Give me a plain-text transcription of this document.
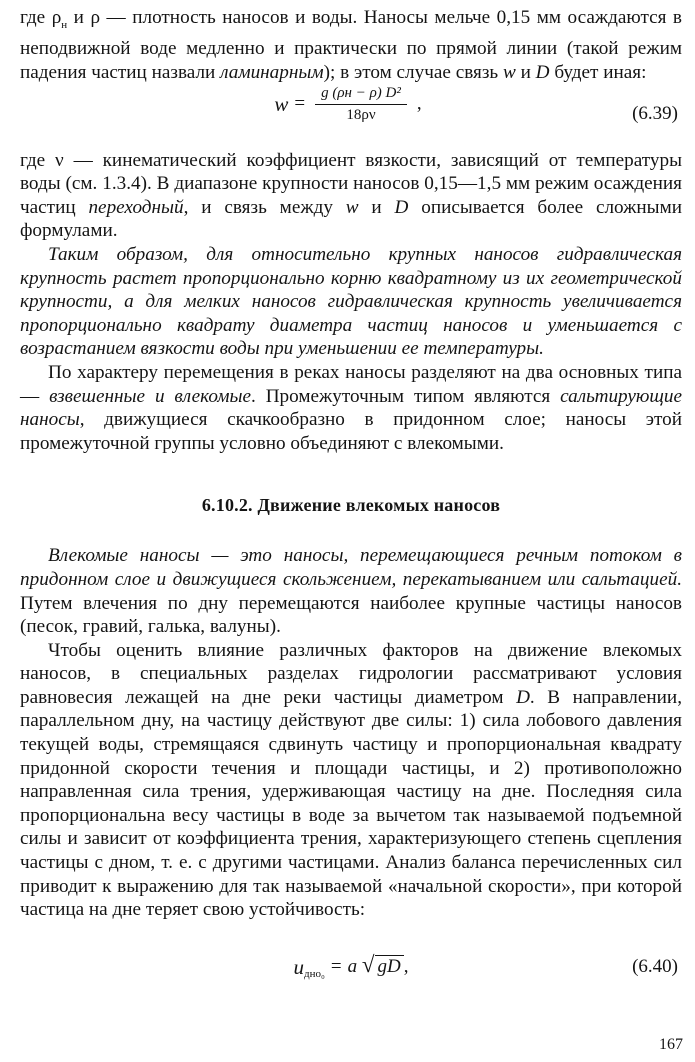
где $\rho_н$ и ρ — плотность наносов и воды. Наносы мельче 0,15 мм осаждаются в неподвижной воде медленно и практически по прямой линии (такой режим падения частиц назвали ламинарным); в этом случае связь w и D будет иная:

$w = \frac{\text{g (ρн − ρ) D²}}{18\rho\nu}$ ,	(6.39)

где ν — кинематический коэффициент вязкости, зависящий от температуры воды (см. 1.3.4). В диапазоне крупности наносов 0,15—1,5 мм режим осаждения частиц переходный, и связь между w и D описывается более сложными формулами.

Таким образом, для относительно крупных наносов гидравлическая крупность растет пропорционально корню квадратному из их геометрической крупности, а для мелких наносов гидравлическая крупность увеличивается пропорционально квадрату диаметра частиц наносов и уменьшается с возрастанием вязкости воды при уменьшении ее температуры.

По характеру перемещения в реках наносы разделяют на два основных типа — взвешенные и влекомые. Промежуточным типом являются сальтирующие наносы, движущиеся скачкообразно в придонном слое; наносы этой промежуточной группы условно объединяют с влекомыми.

6.10.2. Движение влекомых наносов

Влекомые наносы — это наносы, перемещающиеся речным потоком в придонном слое и движущиеся скольжением, перекатыванием или сальтацией. Путем влечения по дну перемещаются наиболее крупные частицы наносов (песок, гравий, галька, валуны).

Чтобы оценить влияние различных факторов на движение влекомых наносов, в специальных разделах гидрологии рассматривают условия равновесия лежащей на дне реки частицы диаметром D. В направлении, параллельном дну, на частицу действуют две силы: 1) сила лобового давления текущей воды, стремящаяся сдвинуть частицу и пропорциональная квадрату придонной скорости течения и площади частицы, и 2) противоположно направленная сила трения, удерживающая частицу на дне. Последняя сила пропорциональна весу частицы в воде за вычетом так называемой подъемной силы и зависит от коэффициента трения, характеризующего степень сцепления частицы с дном, т. е. с другими частицами. Анализ баланса перечисленных сил приводит к выражению для так называемой «начальной скорости», при которой частица на дне теряет свою устойчивость:

$u_{дно_0} = a$ √ gD ,	(6.40)
167
